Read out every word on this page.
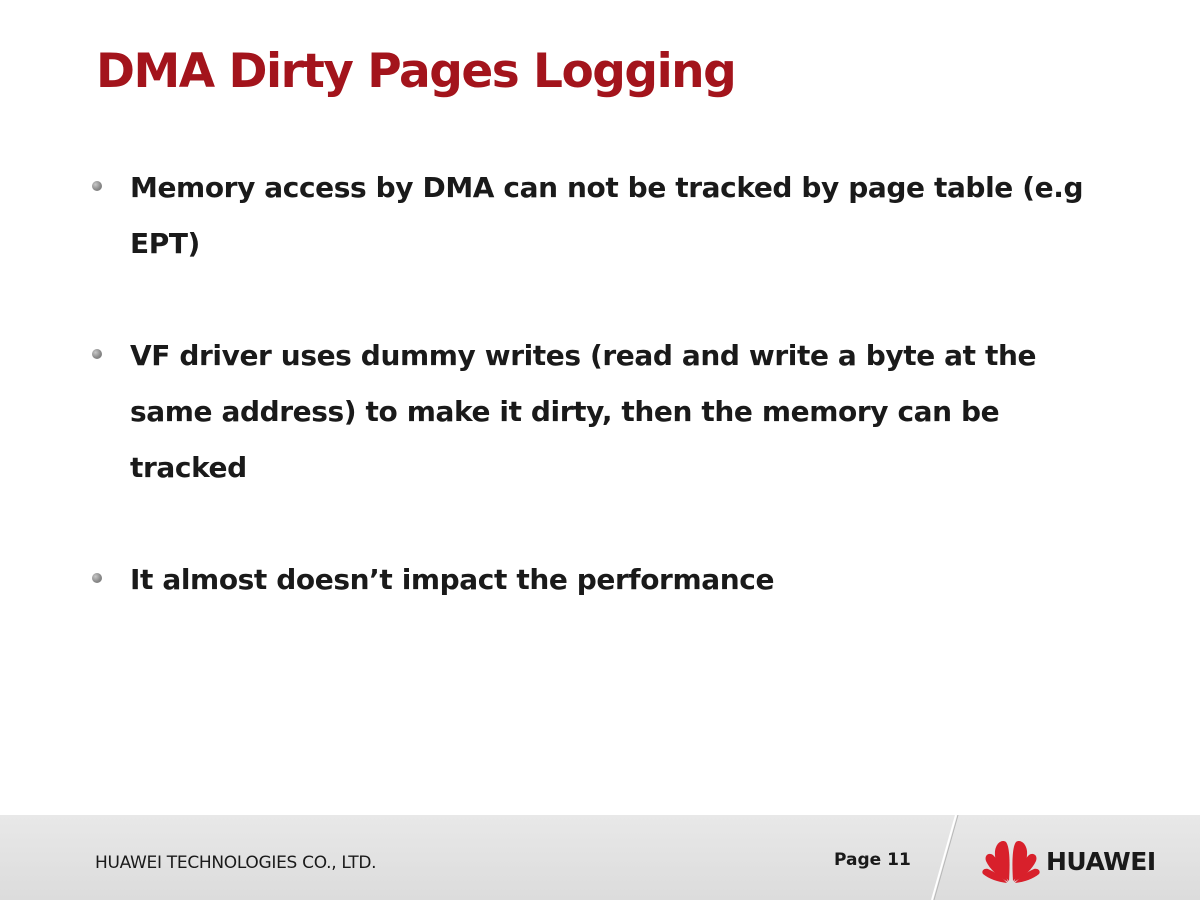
DMA Dirty Pages Logging
Memory access by DMA can not be tracked by page table (e.g EPT)
VF driver uses dummy writes (read and write a byte at the same address) to make it dirty, then the memory can be tracked
It almost doesn’t impact the performance
HUAWEI TECHNOLOGIES CO., LTD.	Page 11	HUAWEI
